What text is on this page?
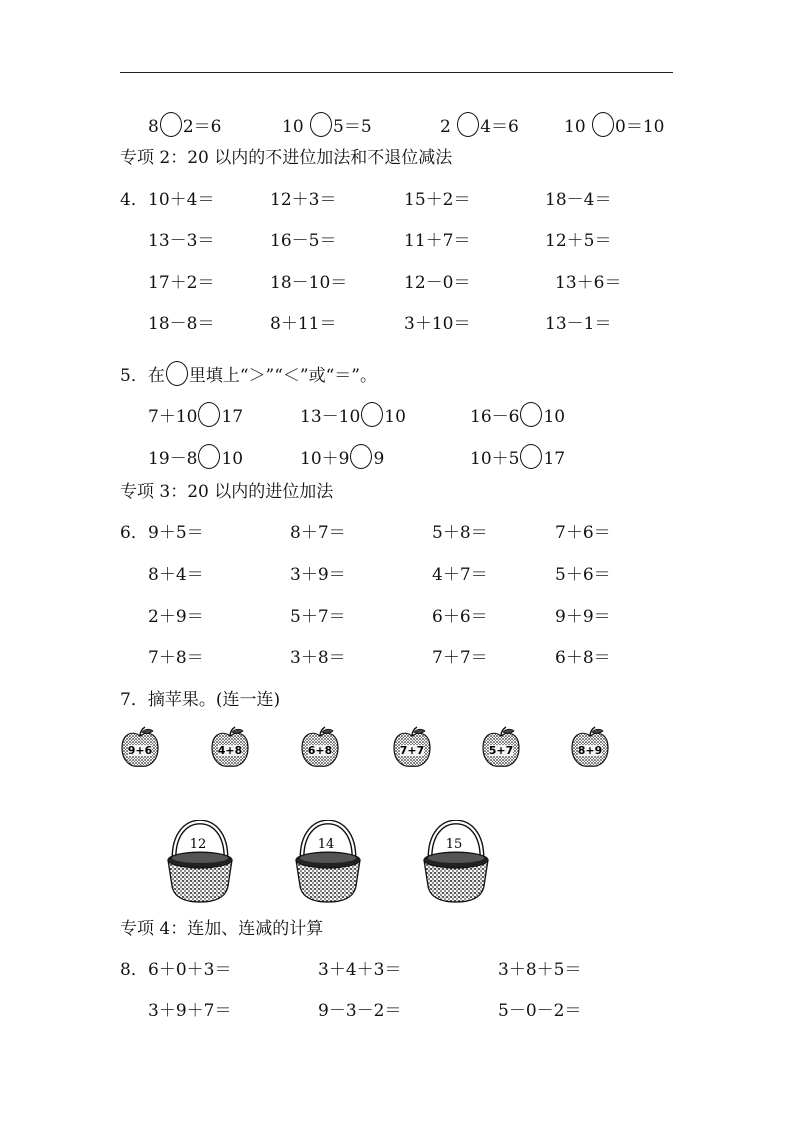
8 2＝6	10 5＝5	2 4＝6	10 0＝10
专项 2：20 以内的不进位加法和不退位减法
4． 10＋4＝	12＋3＝	15＋2＝	18－4＝
13－3＝	16－5＝	11＋7＝	12＋5＝
17＋2＝	18－10＝	12－0＝	13＋6＝
18－8＝	8＋11＝	3＋10＝	13－1＝
5．在 里填上“＞”“＜”或“＝”。
7＋10 17	13－10 10	16－6 10
19－8 10	10＋9 9	10＋5 17
专项 3：20 以内的进位加法
6． 9＋5＝	8＋7＝	5＋8＝	7＋6＝
8＋4＝	3＋9＝	4＋7＝	5＋6＝
2＋9＝	5＋7＝	6＋6＝	9＋9＝
7＋8＝	3＋8＝	7＋7＝	6＋8＝
7．摘苹果。(连一连)
9+6	4+8	6+8	7+7	5+7	8+9
12	14	15
专项 4：连加、连减的计算
8． 6＋0＋3＝	3＋4＋3＝	3＋8＋5＝
3＋9＋7＝	9－3－2＝	5－0－2＝
